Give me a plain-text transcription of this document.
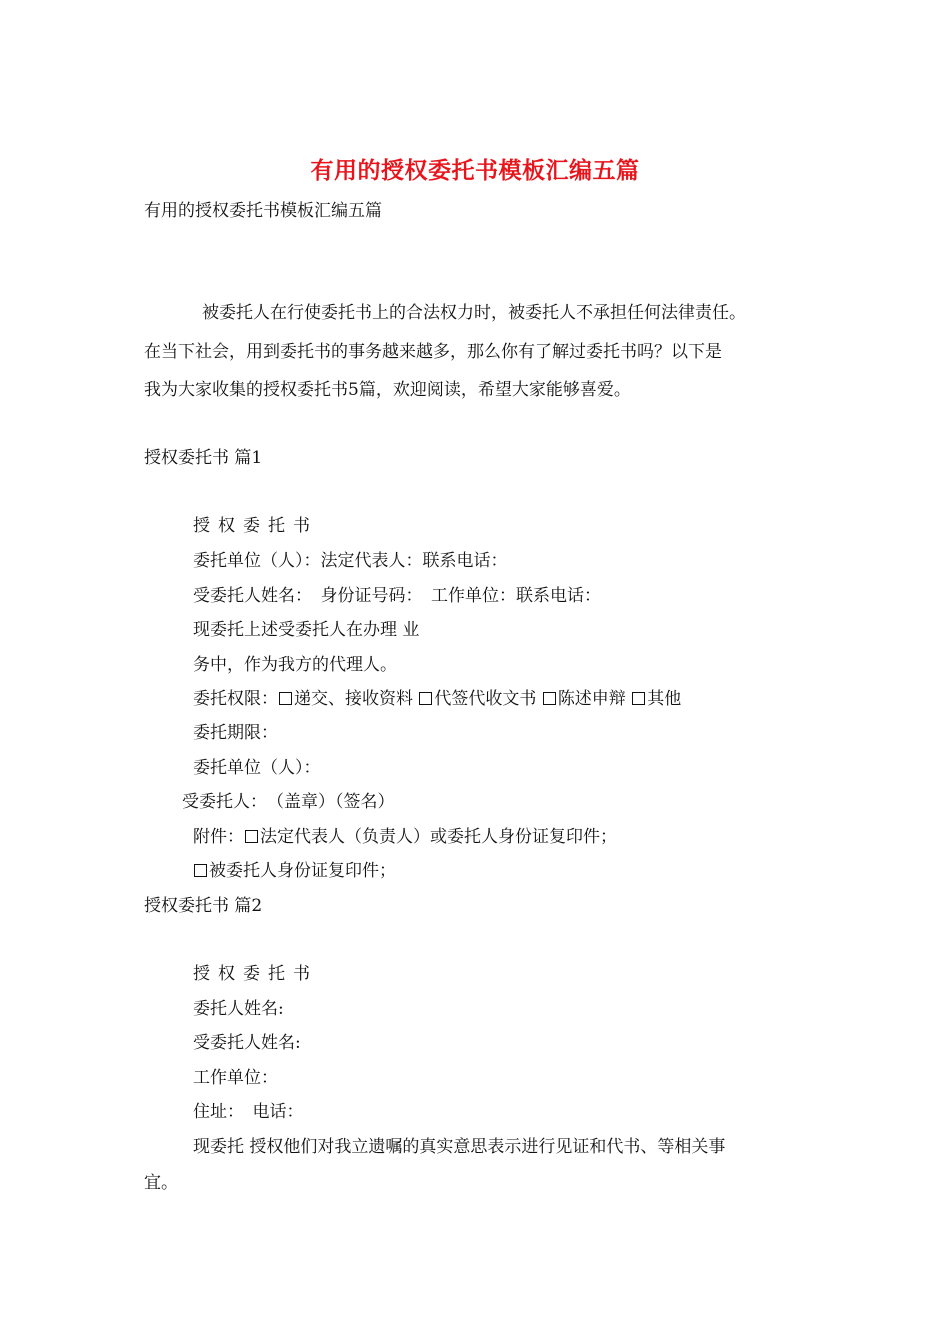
有用的授权委托书模板汇编五篇
有用的授权委托书模板汇编五篇
被委托人在行使委托书上的合法权力时，被委托人不承担任何法律责任。
在当下社会，用到委托书的事务越来越多，那么你有了解过委托书吗？以下是
我为大家收集的授权委托书5篇，欢迎阅读，希望大家能够喜爱。
授权委托书 篇1
授权委托书
委托单位（人）：法定代表人：联系电话：
受委托人姓名：　身份证号码：　工作单位：联系电话：
现委托上述受委托人在办理 业
务中，作为我方的代理人。
委托权限： 递交、接收资料 代签代收文书 陈述申辩 其他
委托期限：
委托单位（人）：
受委托人：　（盖章）（签名）
附件： 法定代表人（负责人）或委托人身份证复印件；
被委托人身份证复印件；
授权委托书 篇2
授权委托书
委托人姓名:
受委托人姓名:
工作单位：
住址：　电话：
现委托 授权他们对我立遗嘱的真实意思表示进行见证和代书、等相关事
宜。
